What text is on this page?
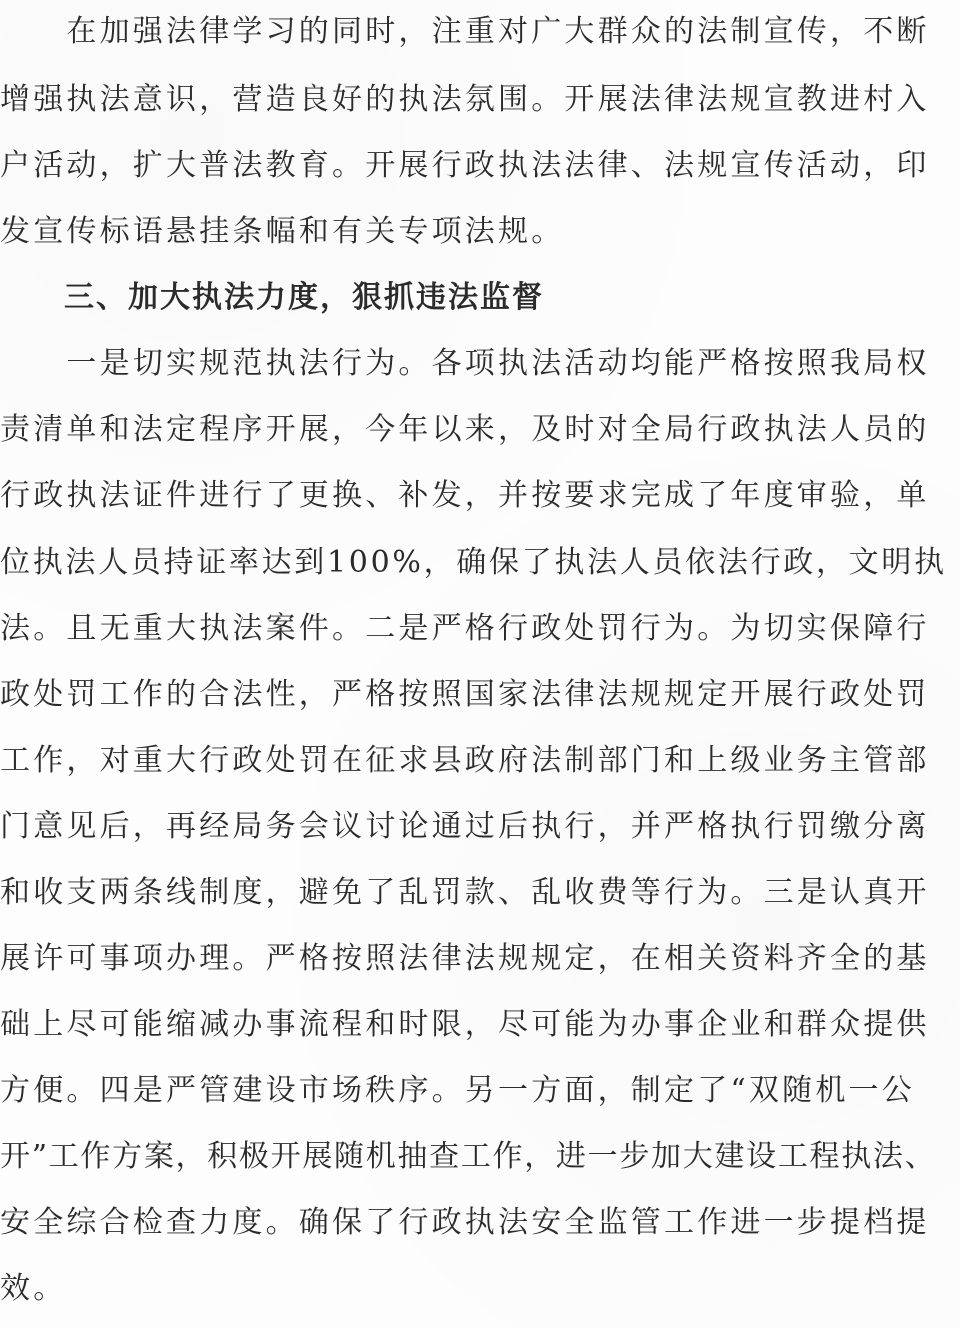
　　在加强法律学习的同时，注重对广大群众的法制宣传，不断
增强执法意识，营造良好的执法氛围。开展法律法规宣教进村入
户活动，扩大普法教育。开展行政执法法律、法规宣传活动，印
发宣传标语悬挂条幅和有关专项法规。
　　三、加大执法力度，狠抓违法监督
　　一是切实规范执法行为。各项执法活动均能严格按照我局权
责清单和法定程序开展，今年以来，及时对全局行政执法人员的
行政执法证件进行了更换、补发，并按要求完成了年度审验，单
位执法人员持证率达到100%，确保了执法人员依法行政，文明执
法。且无重大执法案件。二是严格行政处罚行为。为切实保障行
政处罚工作的合法性，严格按照国家法律法规规定开展行政处罚
工作，对重大行政处罚在征求县政府法制部门和上级业务主管部
门意见后，再经局务会议讨论通过后执行，并严格执行罚缴分离
和收支两条线制度，避免了乱罚款、乱收费等行为。三是认真开
展许可事项办理。严格按照法律法规规定，在相关资料齐全的基
础上尽可能缩减办事流程和时限，尽可能为办事企业和群众提供
方便。四是严管建设市场秩序。另一方面，制定了“双随机一公
开”工作方案，积极开展随机抽查工作，进一步加大建设工程执法、
安全综合检查力度。确保了行政执法安全监管工作进一步提档提
效。
